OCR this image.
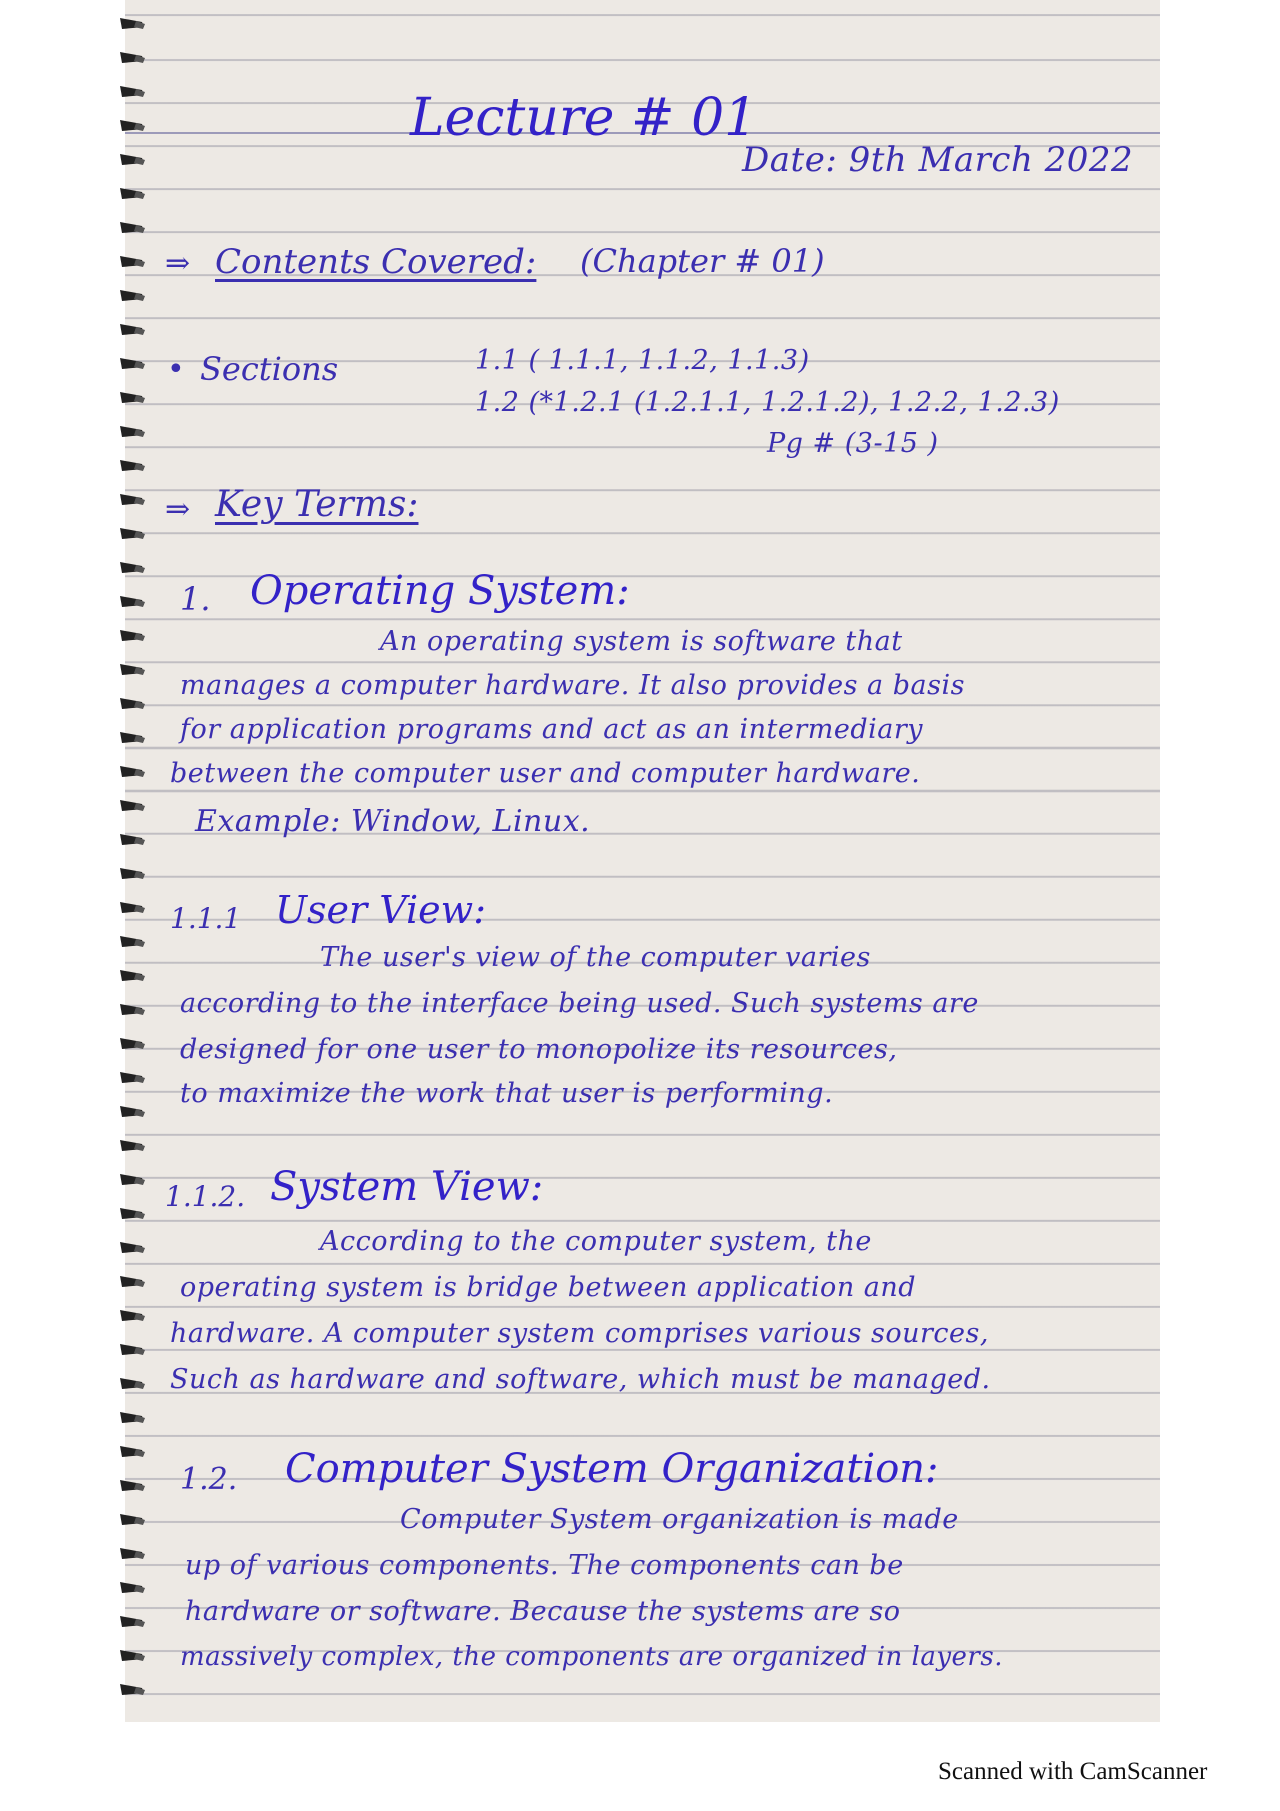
Lecture # 01
Date: 9th March 2022
⇒ Contents Covered: (Chapter # 01)
• Sections	1.1 ( 1.1.1, 1.1.2, 1.1.3)
1.2 (*1.2.1 (1.2.1.1, 1.2.1.2), 1.2.2, 1.2.3)
Pg # (3-15 )
⇒ Key Terms:
1. Operating System:
An operating system is software that
manages a computer hardware. It also provides a basis
for application programs and act as an intermediary
between the computer user and computer hardware.
Example: Window, Linux.
1.1.1 User View:
The user's view of the computer varies
according to the interface being used. Such systems are
designed for one user to monopolize its resources,
to maximize the work that user is performing.
1.1.2. System View:
According to the computer system, the
operating system is bridge between application and
hardware. A computer system comprises various sources,
Such as hardware and software, which must be managed.
1.2. Computer System Organization:
Computer System organization is made
up of various components. The components can be
hardware or software. Because the systems are so
massively complex, the components are organized in layers.
Scanned with CamScanner
